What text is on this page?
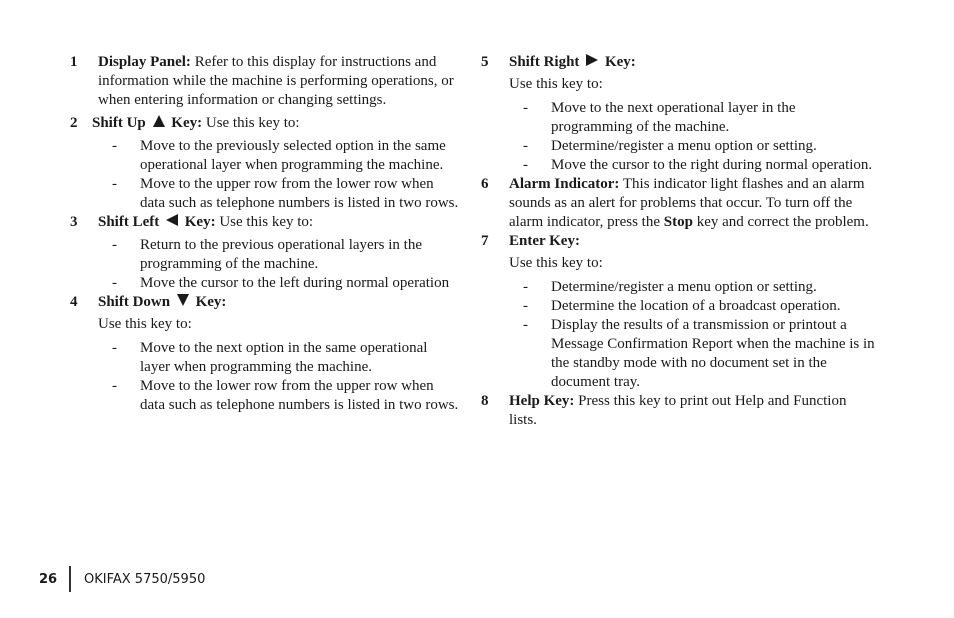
1 Display Panel: Refer to this display for instructions and information while the machine is performing operations, or when entering information or changing settings.
2 Shift Up Key: Use this key to:
- Move to the previously selected option in the same operational layer when programming the machine.
- Move to the upper row from the lower row when data such as telephone numbers is listed in two rows.
3 Shift Left Key: Use this key to:
- Return to the previous operational layers in the programming of the machine.
- Move the cursor to the left during normal operation
4 Shift Down Key:
Use this key to:
- Move to the next option in the same operational layer when programming the machine.
- Move to the lower row from the upper row when data such as telephone numbers is listed in two rows.
5 Shift Right Key:
Use this key to:
- Move to the next operational layer in the programming of the machine.
- Determine/register a menu option or setting.
- Move the cursor to the right during normal operation.
6 Alarm Indicator: This indicator light flashes and an alarm sounds as an alert for problems that occur. To turn off the alarm indicator, press the Stop key and correct the problem.
7 Enter Key:
Use this key to:
- Determine/register a menu option or setting.
- Determine the location of a broadcast operation.
- Display the results of a transmission or printout a Message Confirmation Report when the machine is in the standby mode with no document set in the document tray.
8 Help Key: Press this key to print out Help and Function lists.
26 OKIFAX 5750/5950
